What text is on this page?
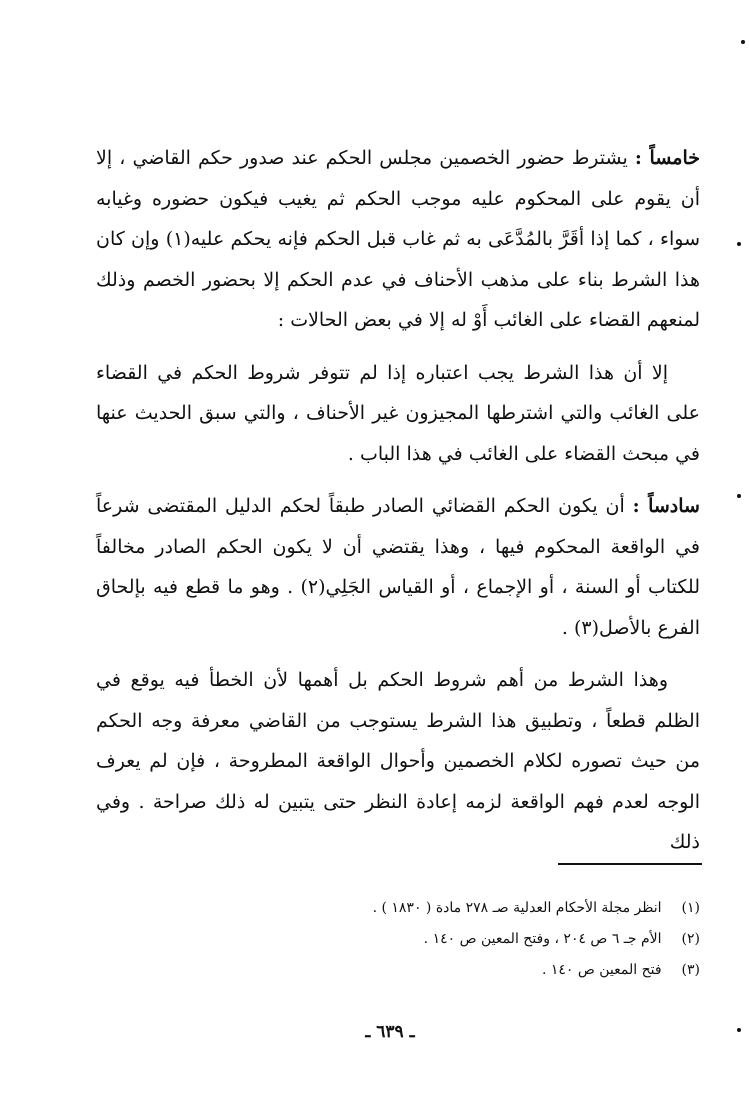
خامساً : يشترط حضور الخصمين مجلس الحكم عند صدور حكم القاضي ، إلا أن يقوم على المحكوم عليه موجب الحكم ثم يغيب فيكون حضوره وغيابه سواء ، كما إذا أقَرَّ بالمُدَّعَى به ثم غاب قبل الحكم فإنه يحكم عليه(١) وإن كان هذا الشرط بناء على مذهب الأحناف في عدم الحكم إلا بحضور الخصم وذلك لمنعهم القضاء على الغائب أَوْ له إلا في بعض الحالات :

إلا أن هذا الشرط يجب اعتباره إذا لم تتوفر شروط الحكم في القضاء على الغائب والتي اشترطها المجيزون غير الأحناف ، والتي سبق الحديث عنها في مبحث القضاء على الغائب في هذا الباب .

سادساً : أن يكون الحكم القضائي الصادر طبقاً لحكم الدليل المقتضى شرعاً في الواقعة المحكوم فيها ، وهذا يقتضي أن لا يكون الحكم الصادر مخالفاً للكتاب أو السنة ، أو الإجماع ، أو القياس الجَلِي(٢) . وهو ما قطع فيه بإلحاق الفرع بالأصل(٣) .

وهذا الشرط من أهم شروط الحكم بل أهمها لأن الخطأ فيه يوقع في الظلم قطعاً ، وتطبيق هذا الشرط يستوجب من القاضي معرفة وجه الحكم من حيث تصوره لكلام الخصمين وأحوال الواقعة المطروحة ، فإن لم يعرف الوجه لعدم فهم الواقعة لزمه إعادة النظر حتى يتبين له ذلك صراحة . وفي ذلك

(١) انظر مجلة الأحكام العدلية صـ ٢٧٨ مادة ( ١٨٣٠ ) .
(٢) الأم جـ ٦ ص ٢٠٤ ، وفتح المعين ص ١٤٠ .
(٣) فتح المعين ص ١٤٠ .
ـ ٦٣٩ ـ
